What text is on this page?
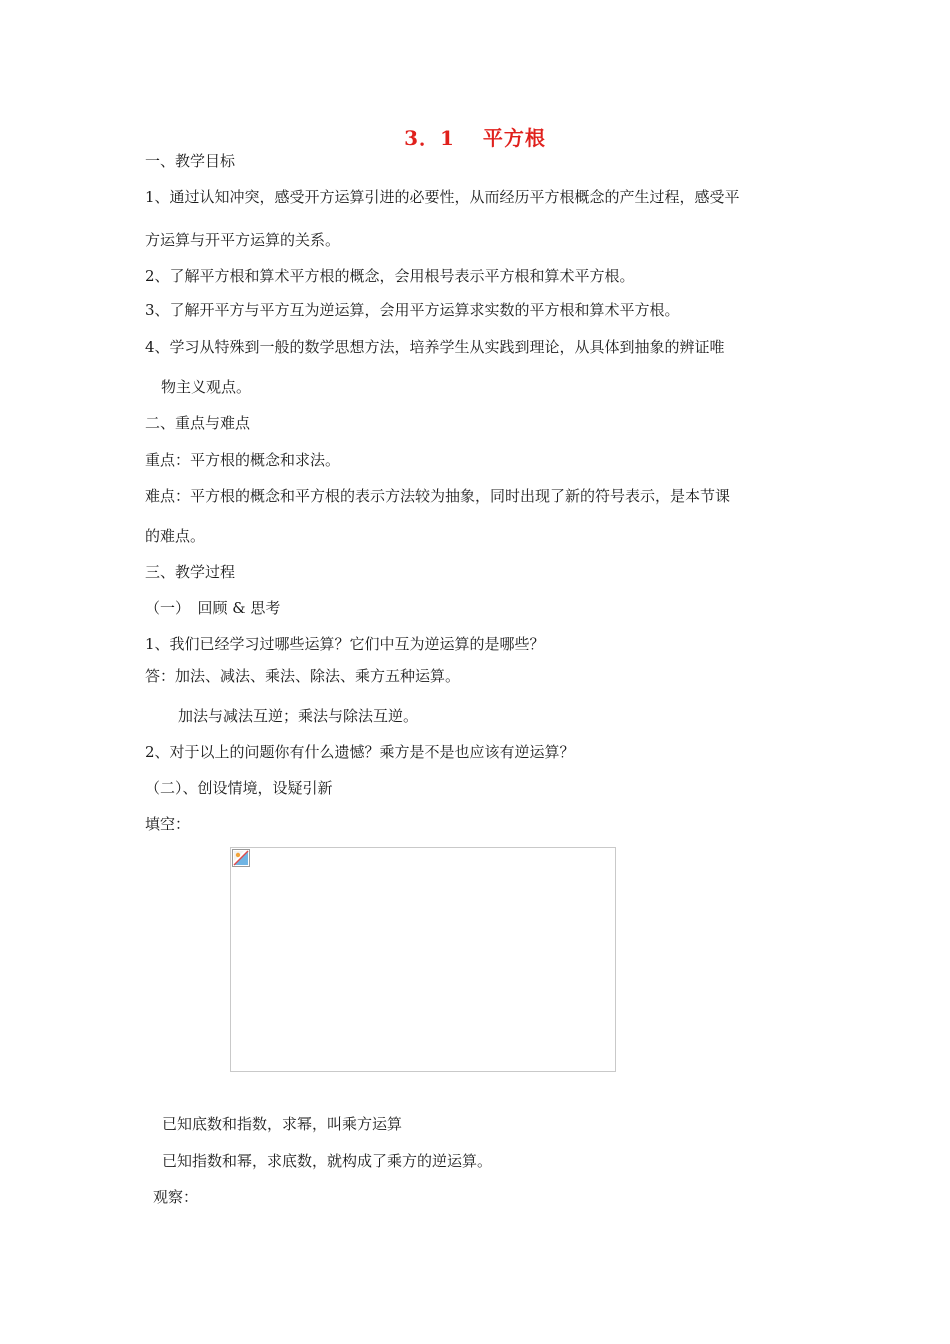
3．1 平方根
一、教学目标
1、通过认知冲突，感受开方运算引进的必要性，从而经历平方根概念的产生过程，感受平
方运算与开平方运算的关系。
2、了解平方根和算术平方根的概念，会用根号表示平方根和算术平方根。
3、了解开平方与平方互为逆运算，会用平方运算求实数的平方根和算术平方根。
4、学习从特殊到一般的数学思想方法，培养学生从实践到理论，从具体到抽象的辨证唯
物主义观点。
二、重点与难点
重点：平方根的概念和求法。
难点：平方根的概念和平方根的表示方法较为抽象，同时出现了新的符号表示，是本节课
的难点。
三、教学过程
（一）　回顾 & 思考
1、我们已经学习过哪些运算？它们中互为逆运算的是哪些？
答：加法、减法、乘法、除法、乘方五种运算。
加法与减法互逆；乘法与除法互逆。
2、对于以上的问题你有什么遗憾？乘方是不是也应该有逆运算？
（二）、创设情境，设疑引新
填空：
已知底数和指数，求幂，叫乘方运算
已知指数和幂，求底数，就构成了乘方的逆运算。
观察：
